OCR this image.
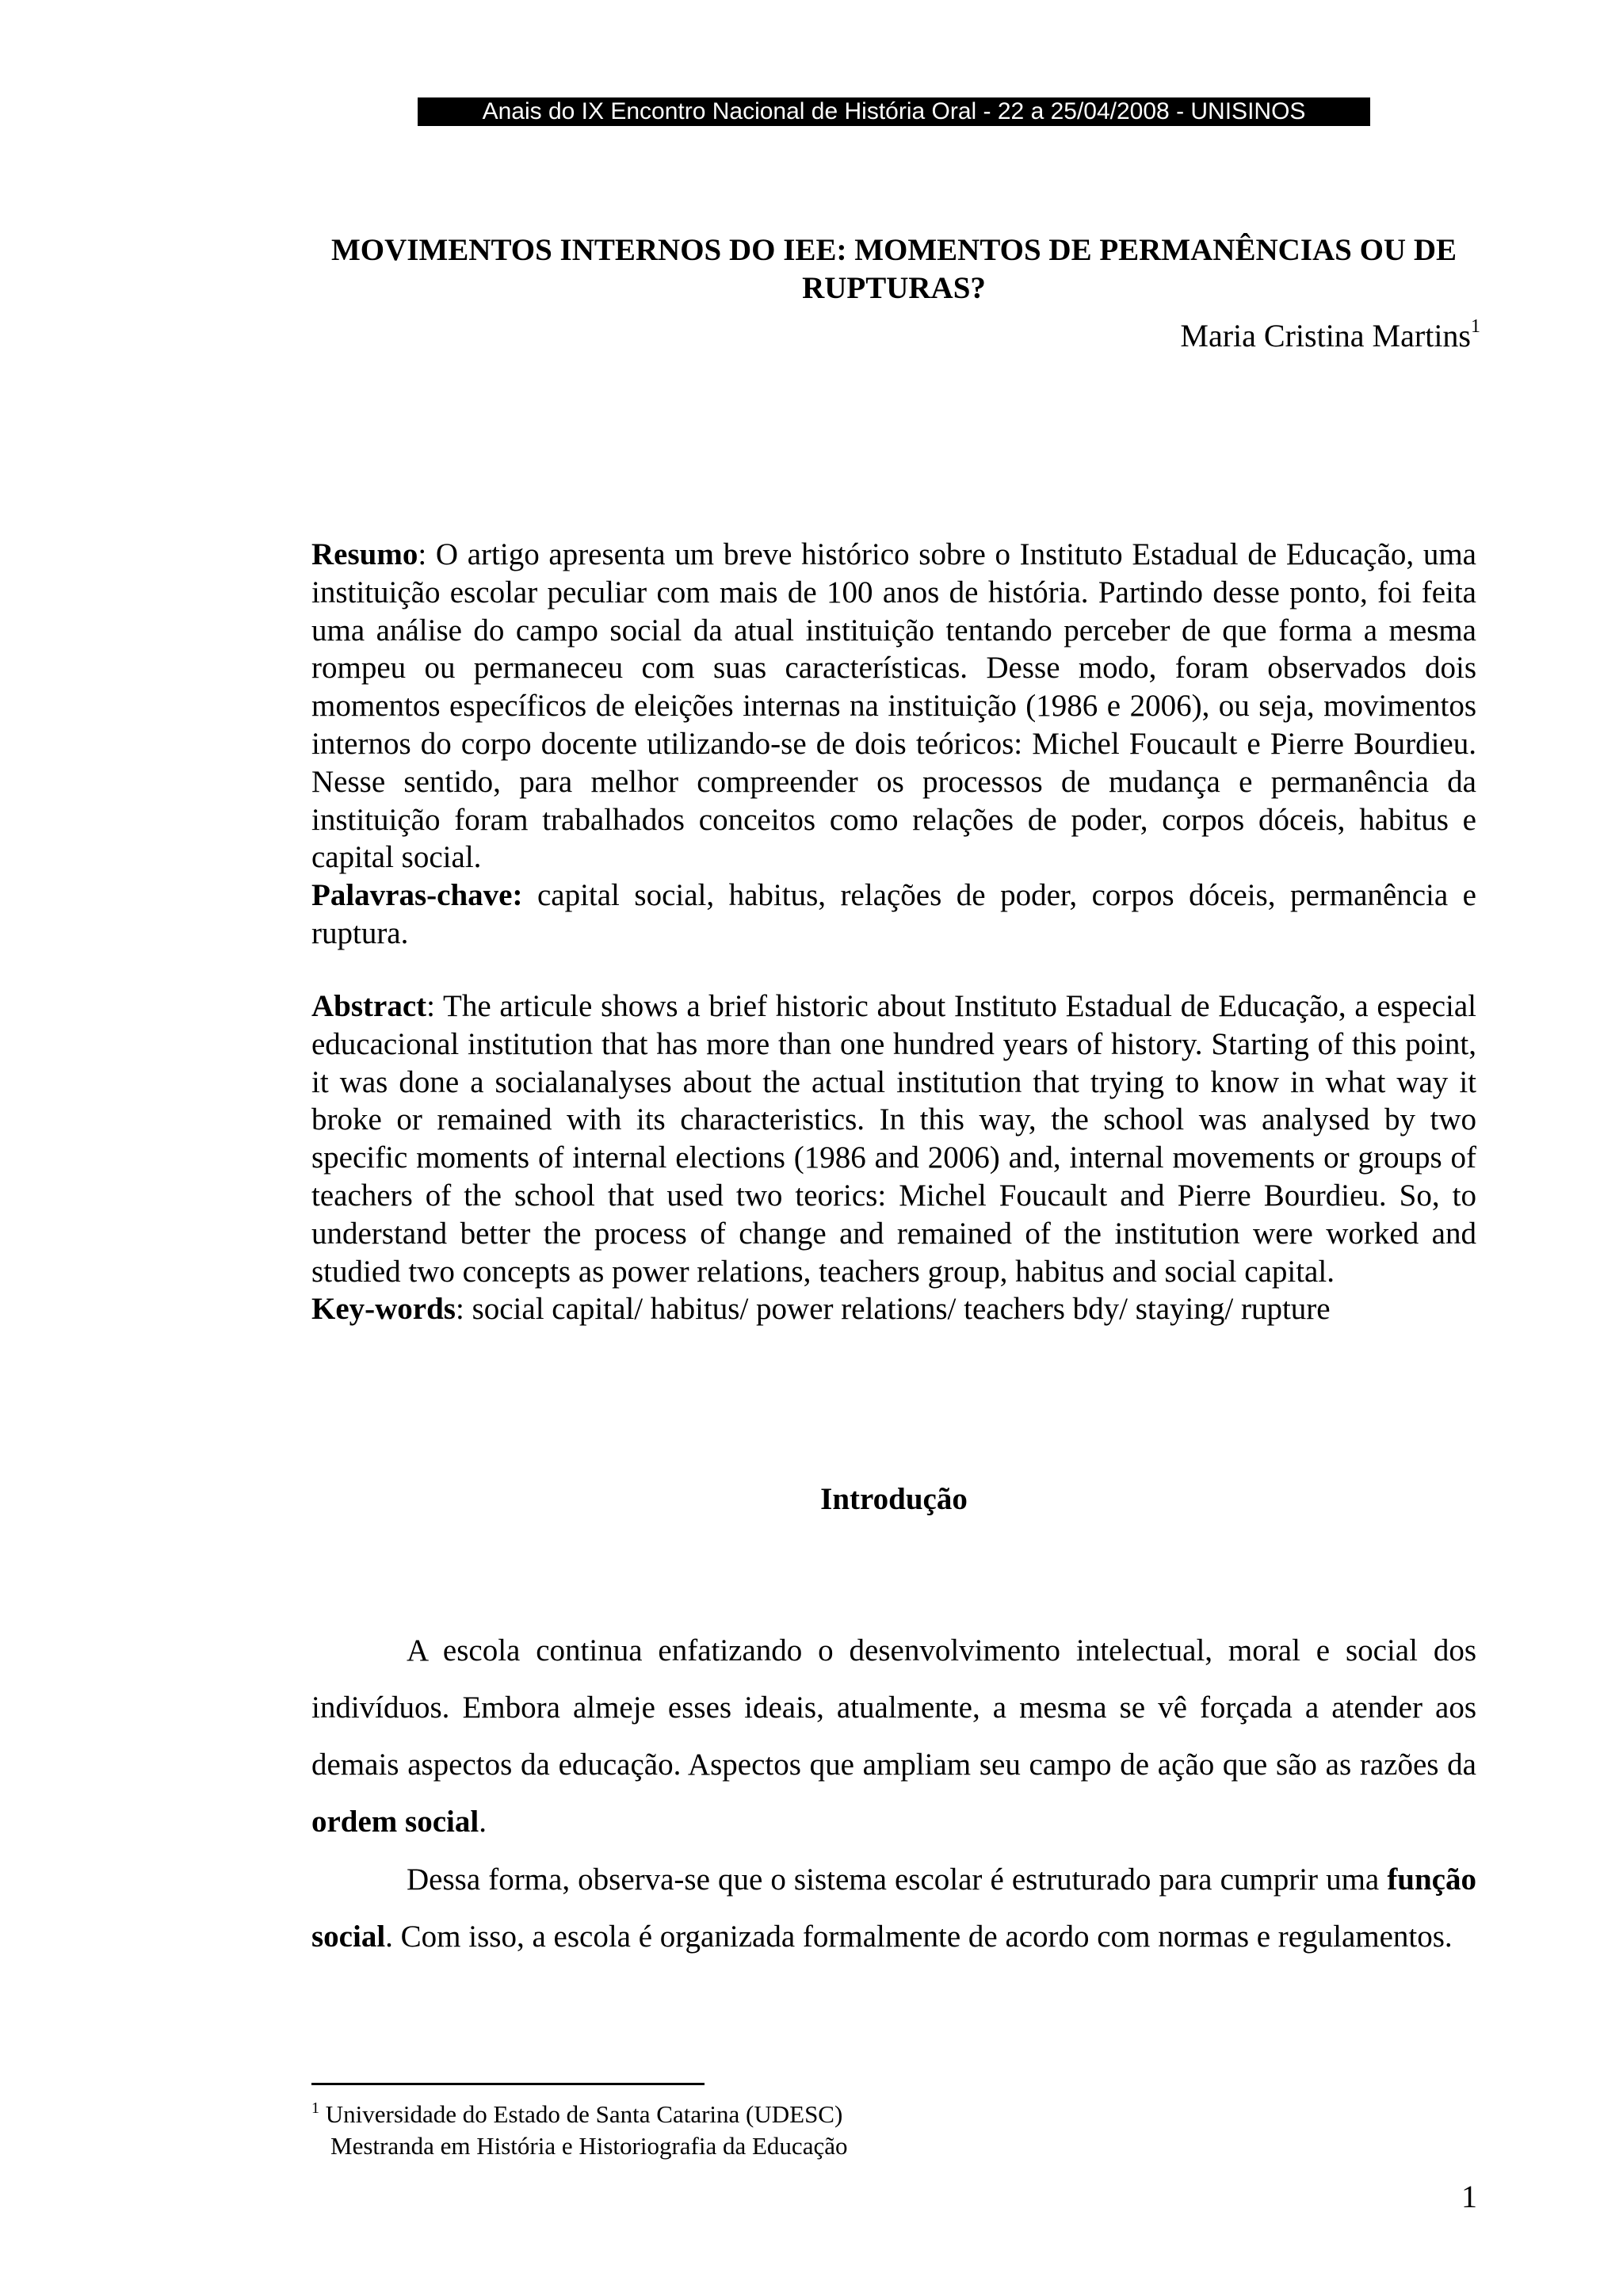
Anais do IX Encontro Nacional de História Oral - 22 a 25/04/2008 - UNISINOS
MOVIMENTOS INTERNOS DO IEE: MOMENTOS DE PERMANÊNCIAS OU DE RUPTURAS?
Maria Cristina Martins$^1$

Resumo: O artigo apresenta um breve histórico sobre o Instituto Estadual de Educação, uma instituição escolar peculiar com mais de 100 anos de história. Partindo desse ponto, foi feita uma análise do campo social da atual instituição tentando perceber de que forma a mesma rompeu ou permaneceu com suas características. Desse modo, foram observados dois momentos específicos de eleições internas na instituição (1986 e 2006), ou seja, movimentos internos do corpo docente utilizando-se de dois teóricos: Michel Foucault e Pierre Bourdieu. Nesse sentido, para melhor compreender os processos de mudança e permanência da instituição foram trabalhados conceitos como relações de poder, corpos dóceis, habitus e capital social.
Palavras-chave: capital social, habitus, relações de poder, corpos dóceis, permanência e ruptura.

Abstract: The articule shows a brief historic about Instituto Estadual de Educação, a especial educacional institution that has more than one hundred years of history. Starting of this point, it was done a socialanalyses about the actual institution that trying to know in what way it broke or remained with its characteristics. In this way, the school was analysed by two specific moments of internal elections (1986 and 2006) and, internal movements or groups of teachers of the school that used two teorics: Michel Foucault and Pierre Bourdieu. So, to understand better the process of change and remained of the institution were worked and studied two concepts as power relations, teachers group, habitus and social capital.
Key-words: social capital/ habitus/ power relations/ teachers bdy/ staying/ rupture

Introdução

A escola continua enfatizando o desenvolvimento intelectual, moral e social dos indivíduos. Embora almeje esses ideais, atualmente, a mesma se vê forçada a atender aos demais aspectos da educação. Aspectos que ampliam seu campo de ação que são as razões da ordem social.

Dessa forma, observa-se que o sistema escolar é estruturado para cumprir uma função social. Com isso, a escola é organizada formalmente de acordo com normas e regulamentos.

$^1$ Universidade do Estado de Santa Catarina (UDESC)
Mestranda em História e Historiografia da Educação
1
